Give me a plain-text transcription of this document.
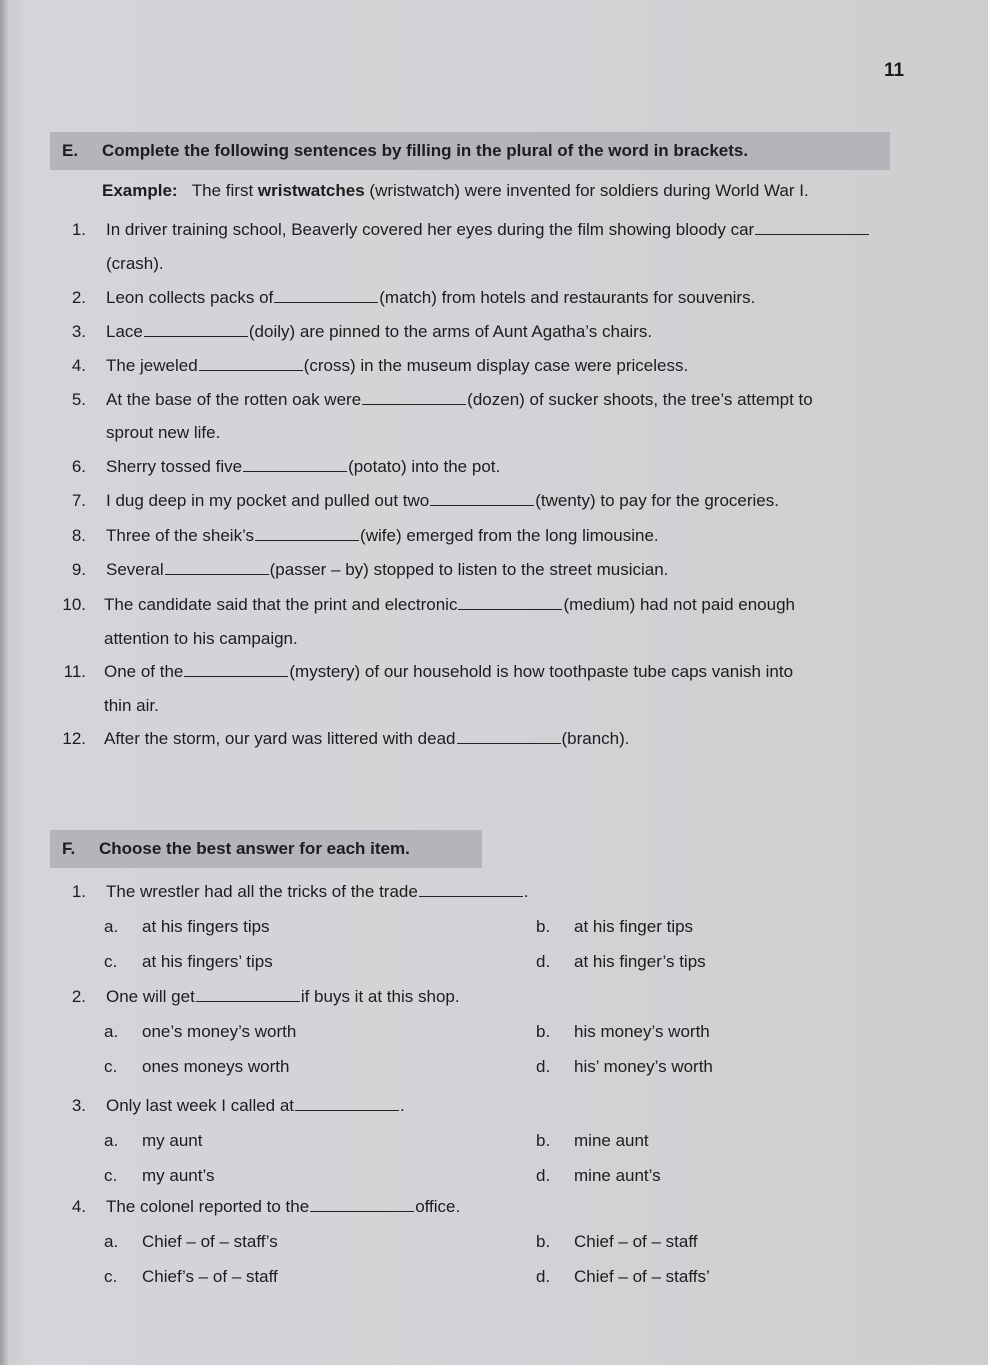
11
E. Complete the following sentences by filling in the plural of the word in brackets.
Example: The first wristwatches (wristwatch) were invented for soldiers during World War I.
1. In driver training school, Beaverly covered her eyes during the film showing bloody car
(crash).
2. Leon collects packs of	(match) from hotels and restaurants for souvenirs.
3. Lace	(doily) are pinned to the arms of Aunt Agatha’s chairs.
4. The jeweled	(cross) in the museum display case were priceless.
5. At the base of the rotten oak were	(dozen) of sucker shoots, the tree’s attempt to
sprout new life.
6. Sherry tossed five	(potato) into the pot.
7. I dug deep in my pocket and pulled out two	(twenty) to pay for the groceries.
8. Three of the sheik’s	(wife) emerged from the long limousine.
9. Several	(passer – by) stopped to listen to the street musician.
10. The candidate said that the print and electronic	(medium) had not paid enough
attention to his campaign.
11. One of the	(mystery) of our household is how toothpaste tube caps vanish into
thin air.
12. After the storm, our yard was littered with dead	(branch).
F. Choose the best answer for each item.
1. The wrestler had all the tricks of the trade	.
a. at his fingers tips	b. at his finger tips
c. at his fingers’ tips	d. at his finger’s tips
2. One will get	if buys it at this shop.
a. one’s money’s worth	b. his money’s worth
c. ones moneys worth	d. his’ money’s worth
3. Only last week I called at	.
a. my aunt	b. mine aunt
c. my aunt’s	d. mine aunt’s
4. The colonel reported to the	office.
a. Chief – of – staff’s	b. Chief – of – staff
c. Chief’s – of – staff	d. Chief – of – staffs’
